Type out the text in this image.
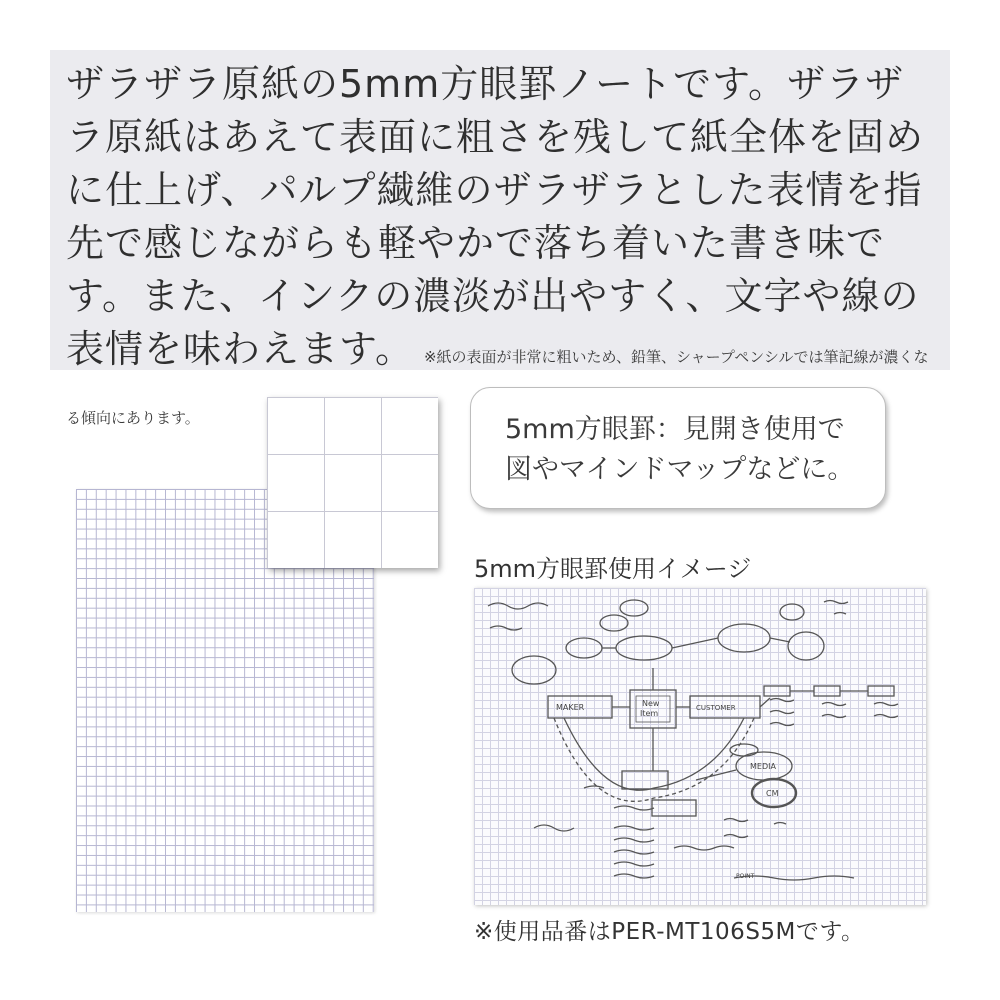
ザラザラ原紙の5mm方眼罫ノートです。ザラザラ原紙はあえて表面に粗さを残して紙全体を固めに仕上げ、パルプ繊維のザラザラとした表情を指先で感じながらも軽やかで落ち着いた書き味です。また、インクの濃淡が出やすく、文字や線の表情を味わえます。 ※紙の表面が非常に粗いため、鉛筆、シャープペンシルでは筆記線が濃くなる傾向にあります。	5mm方眼罫：見開き使用で

図やマインドマップなどに。

5mm方眼罫使用イメージ

MAKER	New
Item
CUSTOMER
MEDIA
CM
POINT

※使用品番はPER-MT106S5Mです。
